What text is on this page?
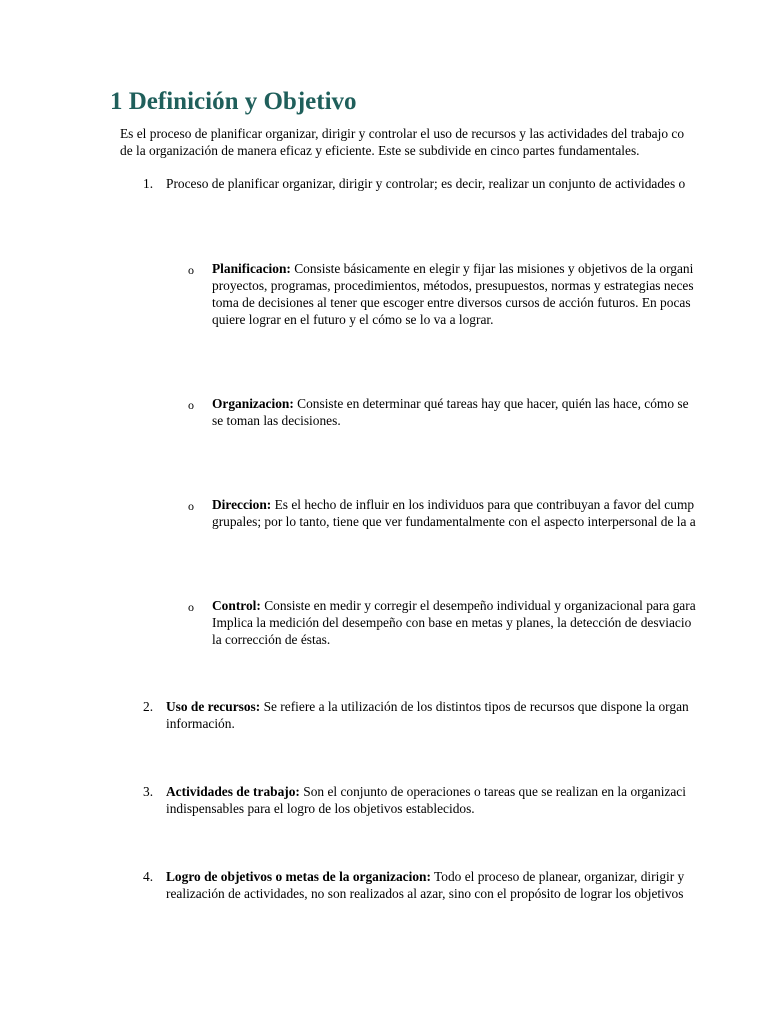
1 Definición y Objetivo
Es el proceso de planificar organizar, dirigir y controlar el uso de recursos y las actividades del trabajo co
de la organización de manera eficaz y eficiente. Este se subdivide en cinco partes fundamentales.
1. Proceso de planificar organizar, dirigir y controlar; es decir, realizar un conjunto de actividades o
o Planificacion: Consiste básicamente en elegir y fijar las misiones y objetivos de la organi
proyectos, programas, procedimientos, métodos, presupuestos, normas y estrategias neces
toma de decisiones al tener que escoger entre diversos cursos de acción futuros. En pocas
quiere lograr en el futuro y el cómo se lo va a lograr.
o Organizacion: Consiste en determinar qué tareas hay que hacer, quién las hace, cómo se
se toman las decisiones.
o Direccion: Es el hecho de influir en los individuos para que contribuyan a favor del cump
grupales; por lo tanto, tiene que ver fundamentalmente con el aspecto interpersonal de la a
o Control: Consiste en medir y corregir el desempeño individual y organizacional para gara
Implica la medición del desempeño con base en metas y planes, la detección de desviacio
la corrección de éstas.
2. Uso de recursos: Se refiere a la utilización de los distintos tipos de recursos que dispone la organ
información.
3. Actividades de trabajo: Son el conjunto de operaciones o tareas que se realizan en la organizaci
indispensables para el logro de los objetivos establecidos.
4. Logro de objetivos o metas de la organizacion: Todo el proceso de planear, organizar, dirigir y
realización de actividades, no son realizados al azar, sino con el propósito de lograr los objetivos
